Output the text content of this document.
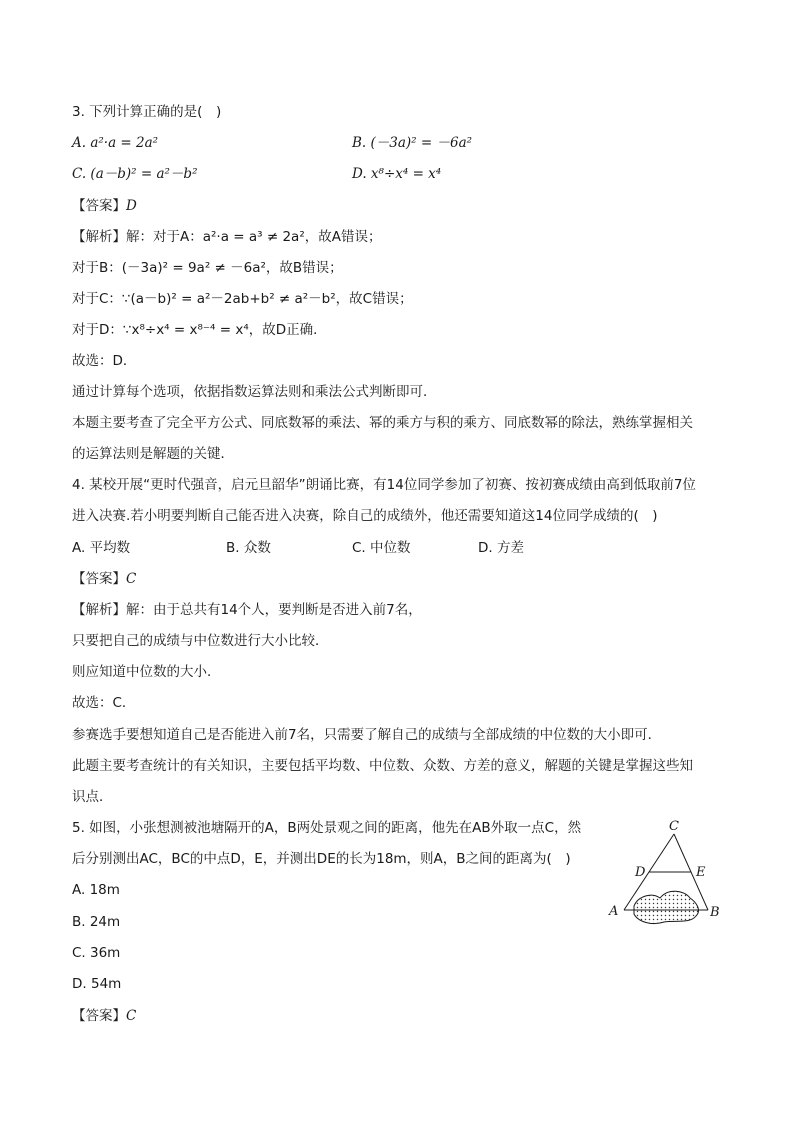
3. 下列计算正确的是(　)
A. a²·a = 2a²	B. (－3a)² = －6a²
C. (a－b)² = a²－b²	D. x⁸÷x⁴ = x⁴
【答案】D
【解析】解：对于A：a²·a = a³ ≠ 2a²，故A错误；
对于B：(－3a)² = 9a² ≠ －6a²，故B错误；
对于C：∵(a－b)² = a²－2ab+b² ≠ a²－b²，故C错误；
对于D：∵x⁸÷x⁴ = x⁸⁻⁴ = x⁴，故D正确．
故选：D．
通过计算每个选项，依据指数运算法则和乘法公式判断即可．
本题主要考查了完全平方公式、同底数幂的乘法、幂的乘方与积的乘方、同底数幂的除法，熟练掌握相关
的运算法则是解题的关键．
4. 某校开展“更时代强音，启元旦韶华”朗诵比赛，有14位同学参加了初赛、按初赛成绩由高到低取前7位
进入决赛.若小明要判断自己能否进入决赛，除自己的成绩外，他还需要知道这14位同学成绩的(　)
A. 平均数	B. 众数	C. 中位数	D. 方差
【答案】C
【解析】解：由于总共有14个人，要判断是否进入前7名，
只要把自己的成绩与中位数进行大小比较．
则应知道中位数的大小．
故选：C．
参赛选手要想知道自己是否能进入前7名，只需要了解自己的成绩与全部成绩的中位数的大小即可．
此题主要考查统计的有关知识，主要包括平均数、中位数、众数、方差的意义，解题的关键是掌握这些知
识点．
5. 如图，小张想测被池塘隔开的A，B两处景观之间的距离，他先在AB外取一点C，然
后分别测出AC，BC的中点D，E，并测出DE的长为18m，则A，B之间的距离为(　)
A. 18m
B. 24m
C. 36m
D. 54m
【答案】C
C
D	E
A	B
